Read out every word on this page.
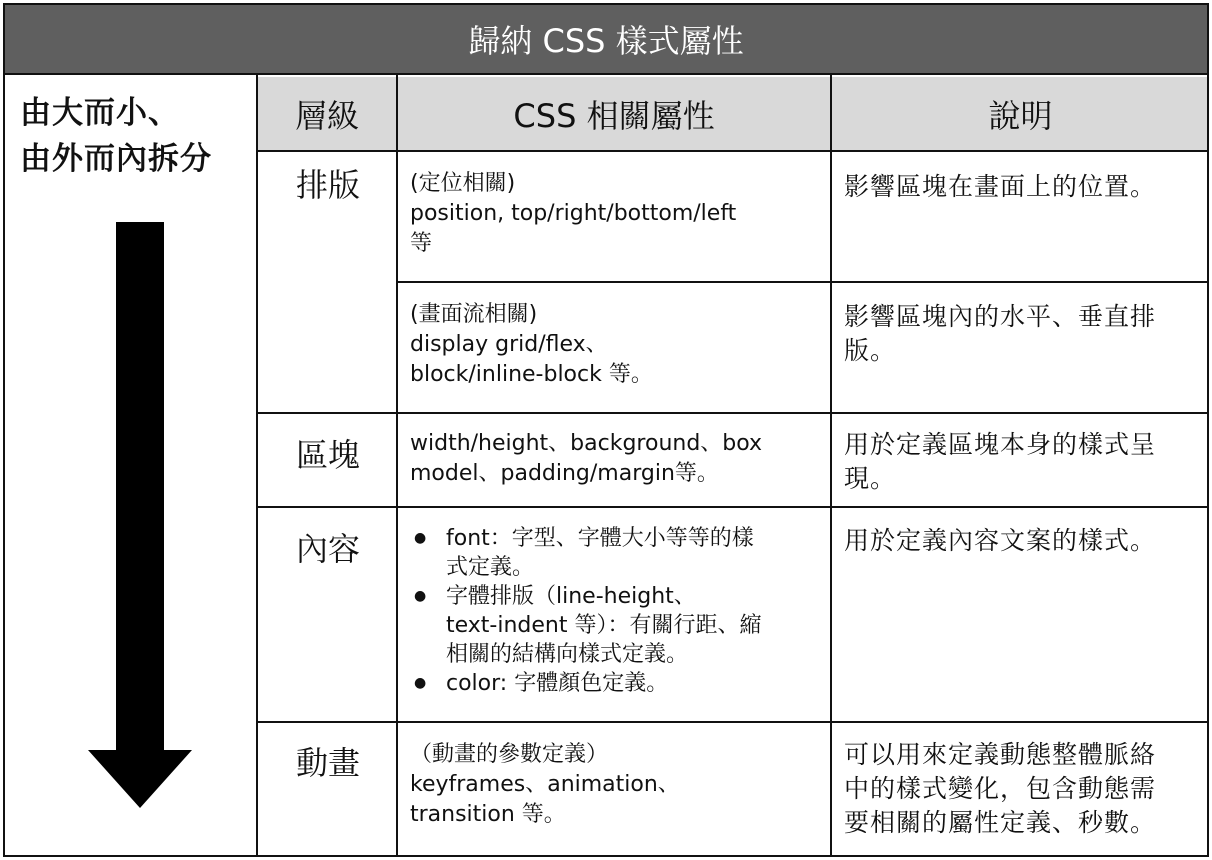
歸納 CSS 樣式屬性
層級	CSS 相關屬性	說明
由大而小、
由外而內拆分
排版	(定位相關)
position, top/right/bottom/left
等
影響區塊在畫面上的位置。
(畫面流相關)
display grid/flex、
block/inline-block 等。
影響區塊內的水平、垂直排
版。
區塊	width/height、background、box
model、padding/margin等。
用於定義區塊本身的樣式呈
現。
內容
●	font：字型、字體大小等等的樣
式定義。
● 字體排版（line-height、
text-indent 等）：有關行距、縮
相關的結構向樣式定義。
● color: 字體顏色定義。
用於定義內容文案的樣式。
動畫	（動畫的參數定義）
keyframes、animation、
transition 等。
可以用來定義動態整體脈絡
中的樣式變化，包含動態需
要相關的屬性定義、秒數。
